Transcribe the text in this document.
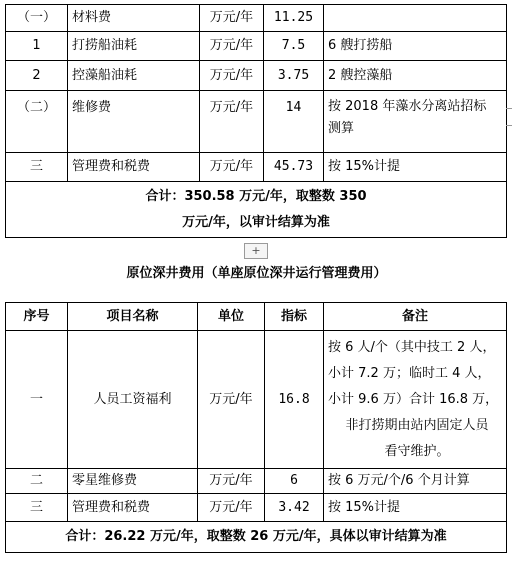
（一）	材料费	万元/年	11.25	
1	打捞船油耗	万元/年	7.5	6 艘打捞船
2	控藻船油耗	万元/年	3.75	2 艘控藻船
（二）	维修费	万元/年	14	按 2018 年藻水分离站招标
测算

三	管理费和税费	万元/年	45.73	按 15%计提

合计：350.58 万元/年，取整数 350
万元/年，以审计结算为准				
+
原位深井费用（单座原位深井运行管理费用）
序号	项目名称	单位	指标	备注
一	人员工资福利	万元/年	16.8	按 6 人/个（其中技工 2 人，
小计 7.2 万；临时工 4 人，
小计 9.6 万）合计 16.8 万，
非打捞期由站内固定人员
看守维护。

二	零星维修费	万元/年	6	按 6 万元/个/6 个月计算
三	管理费和税费	万元/年	3.42	按 15%计提
合计：26.22 万元/年，取整数 26 万元/年，具体以审计结算为准				
